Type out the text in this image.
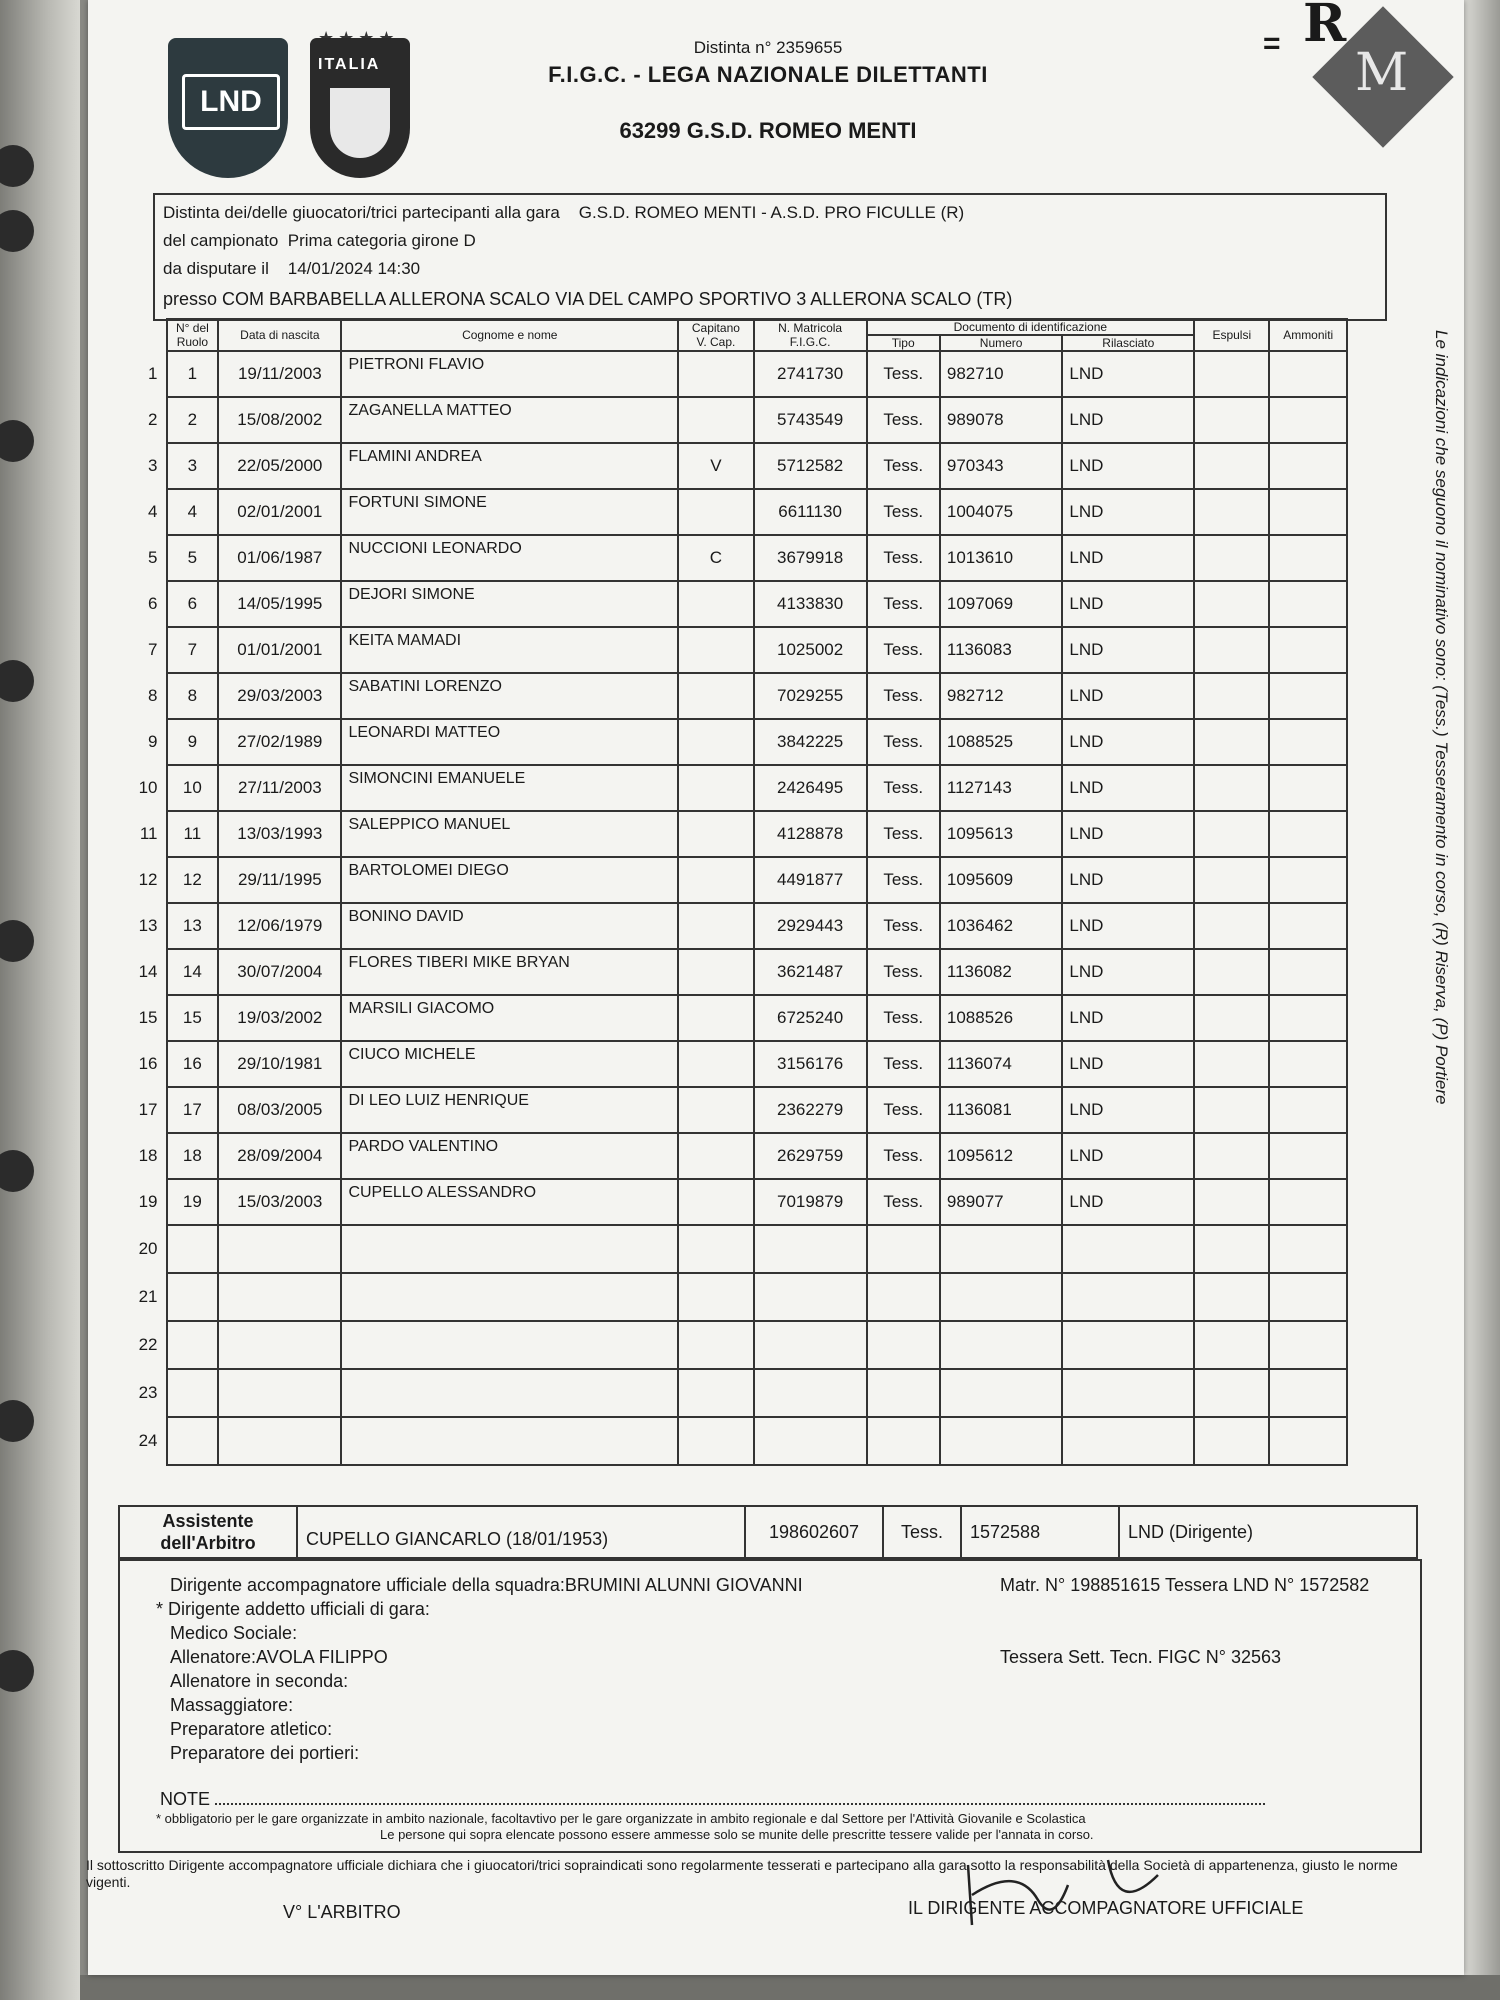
LND
ITALIA
Distinta n° 2359655
F.I.G.C. - LEGA NAZIONALE DILETTANTI
63299 G.S.D. ROMEO MENTI
= R
M
Distinta dei/delle giuocatori/trici partecipanti alla gara G.S.D. ROMEO MENTI - A.S.D. PRO FICULLE (R)
del campionato Prima categoria girone D
da disputare il 14/01/2024 14:30
presso COM BARBABELLA ALLERONA SCALO VIA DEL CAMPO SPORTIVO 3 ALLERONA SCALO (TR)
Le indicazioni che seguono il nominativo sono: (Tess.) Tesseramento in corso, (R) Riserva, (P) Portiere
	N° del Ruolo	Data di nascita	Cognome e nome	Capitano V. Cap.	N. Matricola F.I.G.C.	Documento di identificazione			Espulsi	Ammoniti
						Tipo	Numero	Rilasciato		
1	1	19/11/2003	PIETRONI FLAVIO		2741730	Tess.	982710	LND		
2	2	15/08/2002	ZAGANELLA MATTEO		5743549	Tess.	989078	LND		
3	3	22/05/2000	FLAMINI ANDREA	V	5712582	Tess.	970343	LND		
4	4	02/01/2001	FORTUNI SIMONE		6611130	Tess.	1004075	LND		
5	5	01/06/1987	NUCCIONI LEONARDO	C	3679918	Tess.	1013610	LND		
6	6	14/05/1995	DEJORI SIMONE		4133830	Tess.	1097069	LND		
7	7	01/01/2001	KEITA MAMADI		1025002	Tess.	1136083	LND		
8	8	29/03/2003	SABATINI LORENZO		7029255	Tess.	982712	LND		
9	9	27/02/1989	LEONARDI MATTEO		3842225	Tess.	1088525	LND		
10	10	27/11/2003	SIMONCINI EMANUELE		2426495	Tess.	1127143	LND		
11	11	13/03/1993	SALEPPICO MANUEL		4128878	Tess.	1095613	LND		
12	12	29/11/1995	BARTOLOMEI DIEGO		4491877	Tess.	1095609	LND		
13	13	12/06/1979	BONINO DAVID		2929443	Tess.	1036462	LND		
14	14	30/07/2004	FLORES TIBERI MIKE BRYAN		3621487	Tess.	1136082	LND		
15	15	19/03/2002	MARSILI GIACOMO		6725240	Tess.	1088526	LND		
16	16	29/10/1981	CIUCO MICHELE		3156176	Tess.	1136074	LND		
17	17	08/03/2005	DI LEO LUIZ HENRIQUE		2362279	Tess.	1136081	LND		
18	18	28/09/2004	PARDO VALENTINO		2629759	Tess.	1095612	LND		
19	19	15/03/2003	CUPELLO ALESSANDRO		7019879	Tess.	989077	LND		
20										
21										
22										
23										
24										
Assistente dell'Arbitro	CUPELLO GIANCARLO (18/01/1953)	198602607	Tess.	1572588	LND (Dirigente)
Dirigente accompagnatore ufficiale della squadra:BRUMINI ALUNNI GIOVANNI	Matr. N° 198851615 Tessera LND N° 1572582
* Dirigente addetto ufficiali di gara:
Medico Sociale:
Allenatore:AVOLA FILIPPO	Tessera Sett. Tecn. FIGC N° 32563
Allenatore in seconda:
Massaggiatore:
Preparatore atletico:
Preparatore dei portieri:
NOTE
* obbligatorio per le gare organizzate in ambito nazionale, facoltavtivo per le gare organizzate in ambito regionale e dal Settore per l'Attività Giovanile e Scolastica
Le persone qui sopra elencate possono essere ammesse solo se munite delle prescritte tessere valide per l'annata in corso.
Il sottoscritto Dirigente accompagnatore ufficiale dichiara che i giuocatori/trici sopraindicati sono regolarmente tesserati e partecipano alla gara sotto la responsabilità della Società di appartenenza, giusto le norme vigenti.
V° L'ARBITRO	IL DIRIGENTE ACCOMPAGNATORE UFFICIALE
